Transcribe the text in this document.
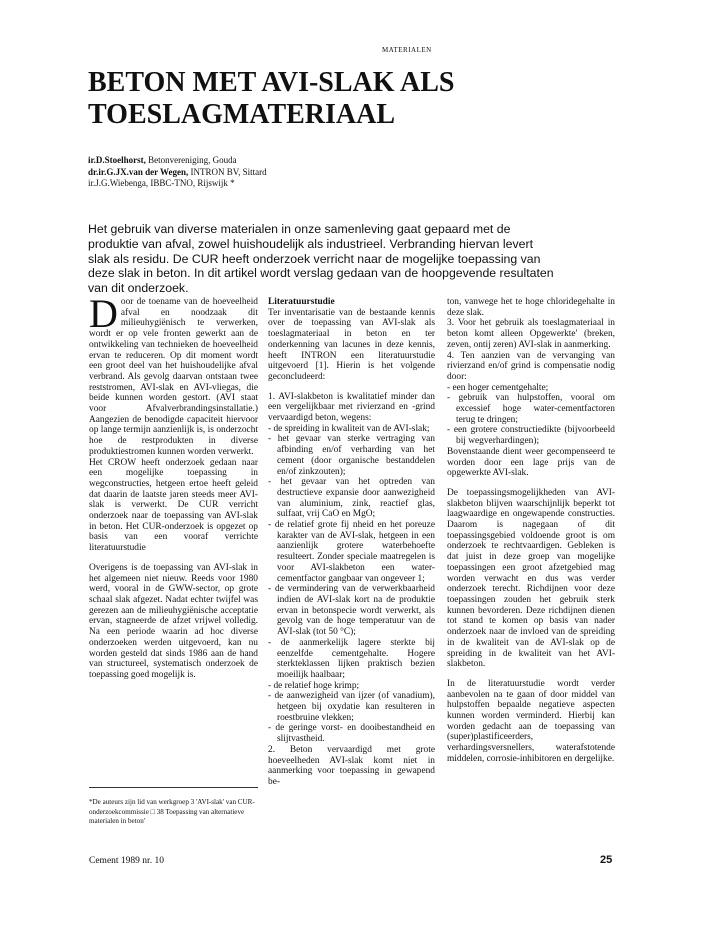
MATERIALEN
BETON MET AVI-SLAK ALS TOESLAGMATERIAAL
ir.D.Stoelhorst, Betonvereniging, Gouda
dr.ir.G.JX.van der Wegen, INTRON BV, Sittard
ir.J.G.Wiebenga, IBBC-TNO, Rijswijk *

Het gebruik van diverse materialen in onze samenleving gaat gepaard met de produktie van afval, zowel huishoudelijk als industrieel. Verbranding hiervan levert slak als residu. De CUR heeft onderzoek verricht naar de mogelijke toepassing van deze slak in beton. In dit artikel wordt verslag gedaan van de hoopgevende resultaten van dit onderzoek.

Door de toename van de hoeveelheid afval en noodzaak dit milieuhygiënisch te verwerken, wordt er op vele fronten gewerkt aan de ontwikkeling van technieken de hoeveelheid ervan te reduceren. Op dit moment wordt een groot deel van het huishoudelijke afval verbrand. Als gevolg daarvan ontstaan twee reststromen, AVI-slak en AVI-vliegas, die beide kunnen worden gestort. (AVI staat voor Afvalverbrandingsinstallatie.) Aangezien de benodigde capaciteit hiervoor op lange termijn aanzienlijk is, is onderzocht hoe de restprodukten in diverse produktiestromen kunnen worden verwerkt.

Het CROW heeft onderzoek gedaan naar een mogelijke toepassing in wegconstructies, hetgeen ertoe heeft geleid dat daarin de laatste jaren steeds meer AVI-slak is verwerkt. De CUR verricht onderzoek naar de toepassing van AVI-slak in beton. Het CUR-onderzoek is opgezet op basis van een vooraf verrichte literatuurstudie

Overigens is de toepassing van AVI-slak in het algemeen niet nieuw. Reeds voor 1980 werd, vooral in de GWW-sector, op grote schaal slak afgezet. Nadat echter twijfel was gerezen aan de milieuhygiënische acceptatie ervan, stagneerde de afzet vrijwel volledig. Na een periode waarin ad hoc diverse onderzoeken werden uitgevoerd, kan nu worden gesteld dat sinds 1986 aan de hand van structureel, systematisch onderzoek de toepassing goed mogelijk is.

Literatuurstudie

Ter inventarisatie van de bestaande kennis over de toepassing van AVI-slak als toeslagmateriaal in beton en ter onderkenning van lacunes in deze kennis, heeft INTRON een literatuurstudie uitgevoerd [1]. Hierin is het volgende geconcludeerd:

1. AVI-slakbeton is kwalitatief minder dan een vergelijkbaar met rivierzand en -grind vervaardigd beton, wegens:

- de spreiding in kwaliteit van de AVI-slak;

- het gevaar van sterke vertraging van afbinding en/of verharding van het cement (door organische bestanddelen en/of zinkzouten);

- het gevaar van het optreden van destructieve expansie door aanwezigheid van aluminium, zink, reactief glas, sulfaat, vrij CaO en MgO;

- de relatief grote fij nheid en het poreuze karakter van de AVI-slak, hetgeen in een aanzienlijk grotere waterbehoefte resulteert. Zonder speciale maatregelen is voor AVI-slakbeton een water-cementfactor gangbaar van ongeveer 1;

- de vermindering van de verwerkbaarheid indien de AVI-slak kort na de produktie ervan in betonspecie wordt verwerkt, als gevolg van de hoge temperatuur van de AVI-slak (tot 50 °C);

- de aanmerkelijk lagere sterkte bij eenzelfde cementgehalte. Hogere sterkteklassen lijken praktisch bezien moeilijk haalbaar;

- de relatief hoge krimp;

- de aanwezigheid van ijzer (of vanadium), hetgeen bij oxydatie kan resulteren in roestbruine vlekken;

- de geringe vorst- en dooibestandheid en slijtvastheid.

2. Beton vervaardigd met grote hoeveelheden AVI-slak komt niet in aanmerking voor toepassing in gewapend be-

ton, vanwege het te hoge chloridegehalte in deze slak.

3. Voor het gebruik als toeslagmateriaal in beton komt alleen Opgewerkte' (breken, zeven, ontij zeren) AVI-slak in aanmerking.

4. Ten aanzien van de vervanging van rivierzand en/of grind is compensatie nodig door:

- een hoger cementgehalte;

- gebruik van hulpstoffen, vooral om excessief hoge water-cementfactoren terug te dringen;

- een grotere constructiedikte (bijvoorbeeld bij wegverhardingen);

Bovenstaande dient weer gecompenseerd te worden door een lage prijs van de opgewerkte AVI-slak.

De toepassingsmogelijkheden van AVI-slakbeton blijven waarschijnlijk beperkt tot laagwaardige en ongewapende constructies. Daarom is nagegaan of dit toepassingsgebied voldoende groot is om onderzoek te rechtvaardigen. Gebleken is dat juist in deze groep van mogelijke toepassingen een groot afzetgebied mag worden verwacht en dus was verder onderzoek terecht. Richdijnen voor deze toepassingen zouden het gebruik sterk kunnen bevorderen. Deze richdijnen dienen tot stand te komen op basis van nader onderzoek naar de invloed van de spreiding in de kwaliteit van de AVI-slak op de spreiding in de kwaliteit van het AVI-slakbeton.

In de literatuurstudie wordt verder aanbevolen na te gaan of door middel van hulpstoffen bepaalde negatieve aspecten kunnen worden verminderd. Hierbij kan worden gedacht aan de toepassing van (super)plastificeerders, verhardingsversnellers, waterafstotende middelen, corrosie-inhibitoren en dergelijke.

*De auteurs zijn lid van werkgroep 3 'AVI-slak' van CUR-onderzoekcommissie □ 38 Toepassing van alternatieve materialen in beton'
Cement 1989 nr. 10	25
